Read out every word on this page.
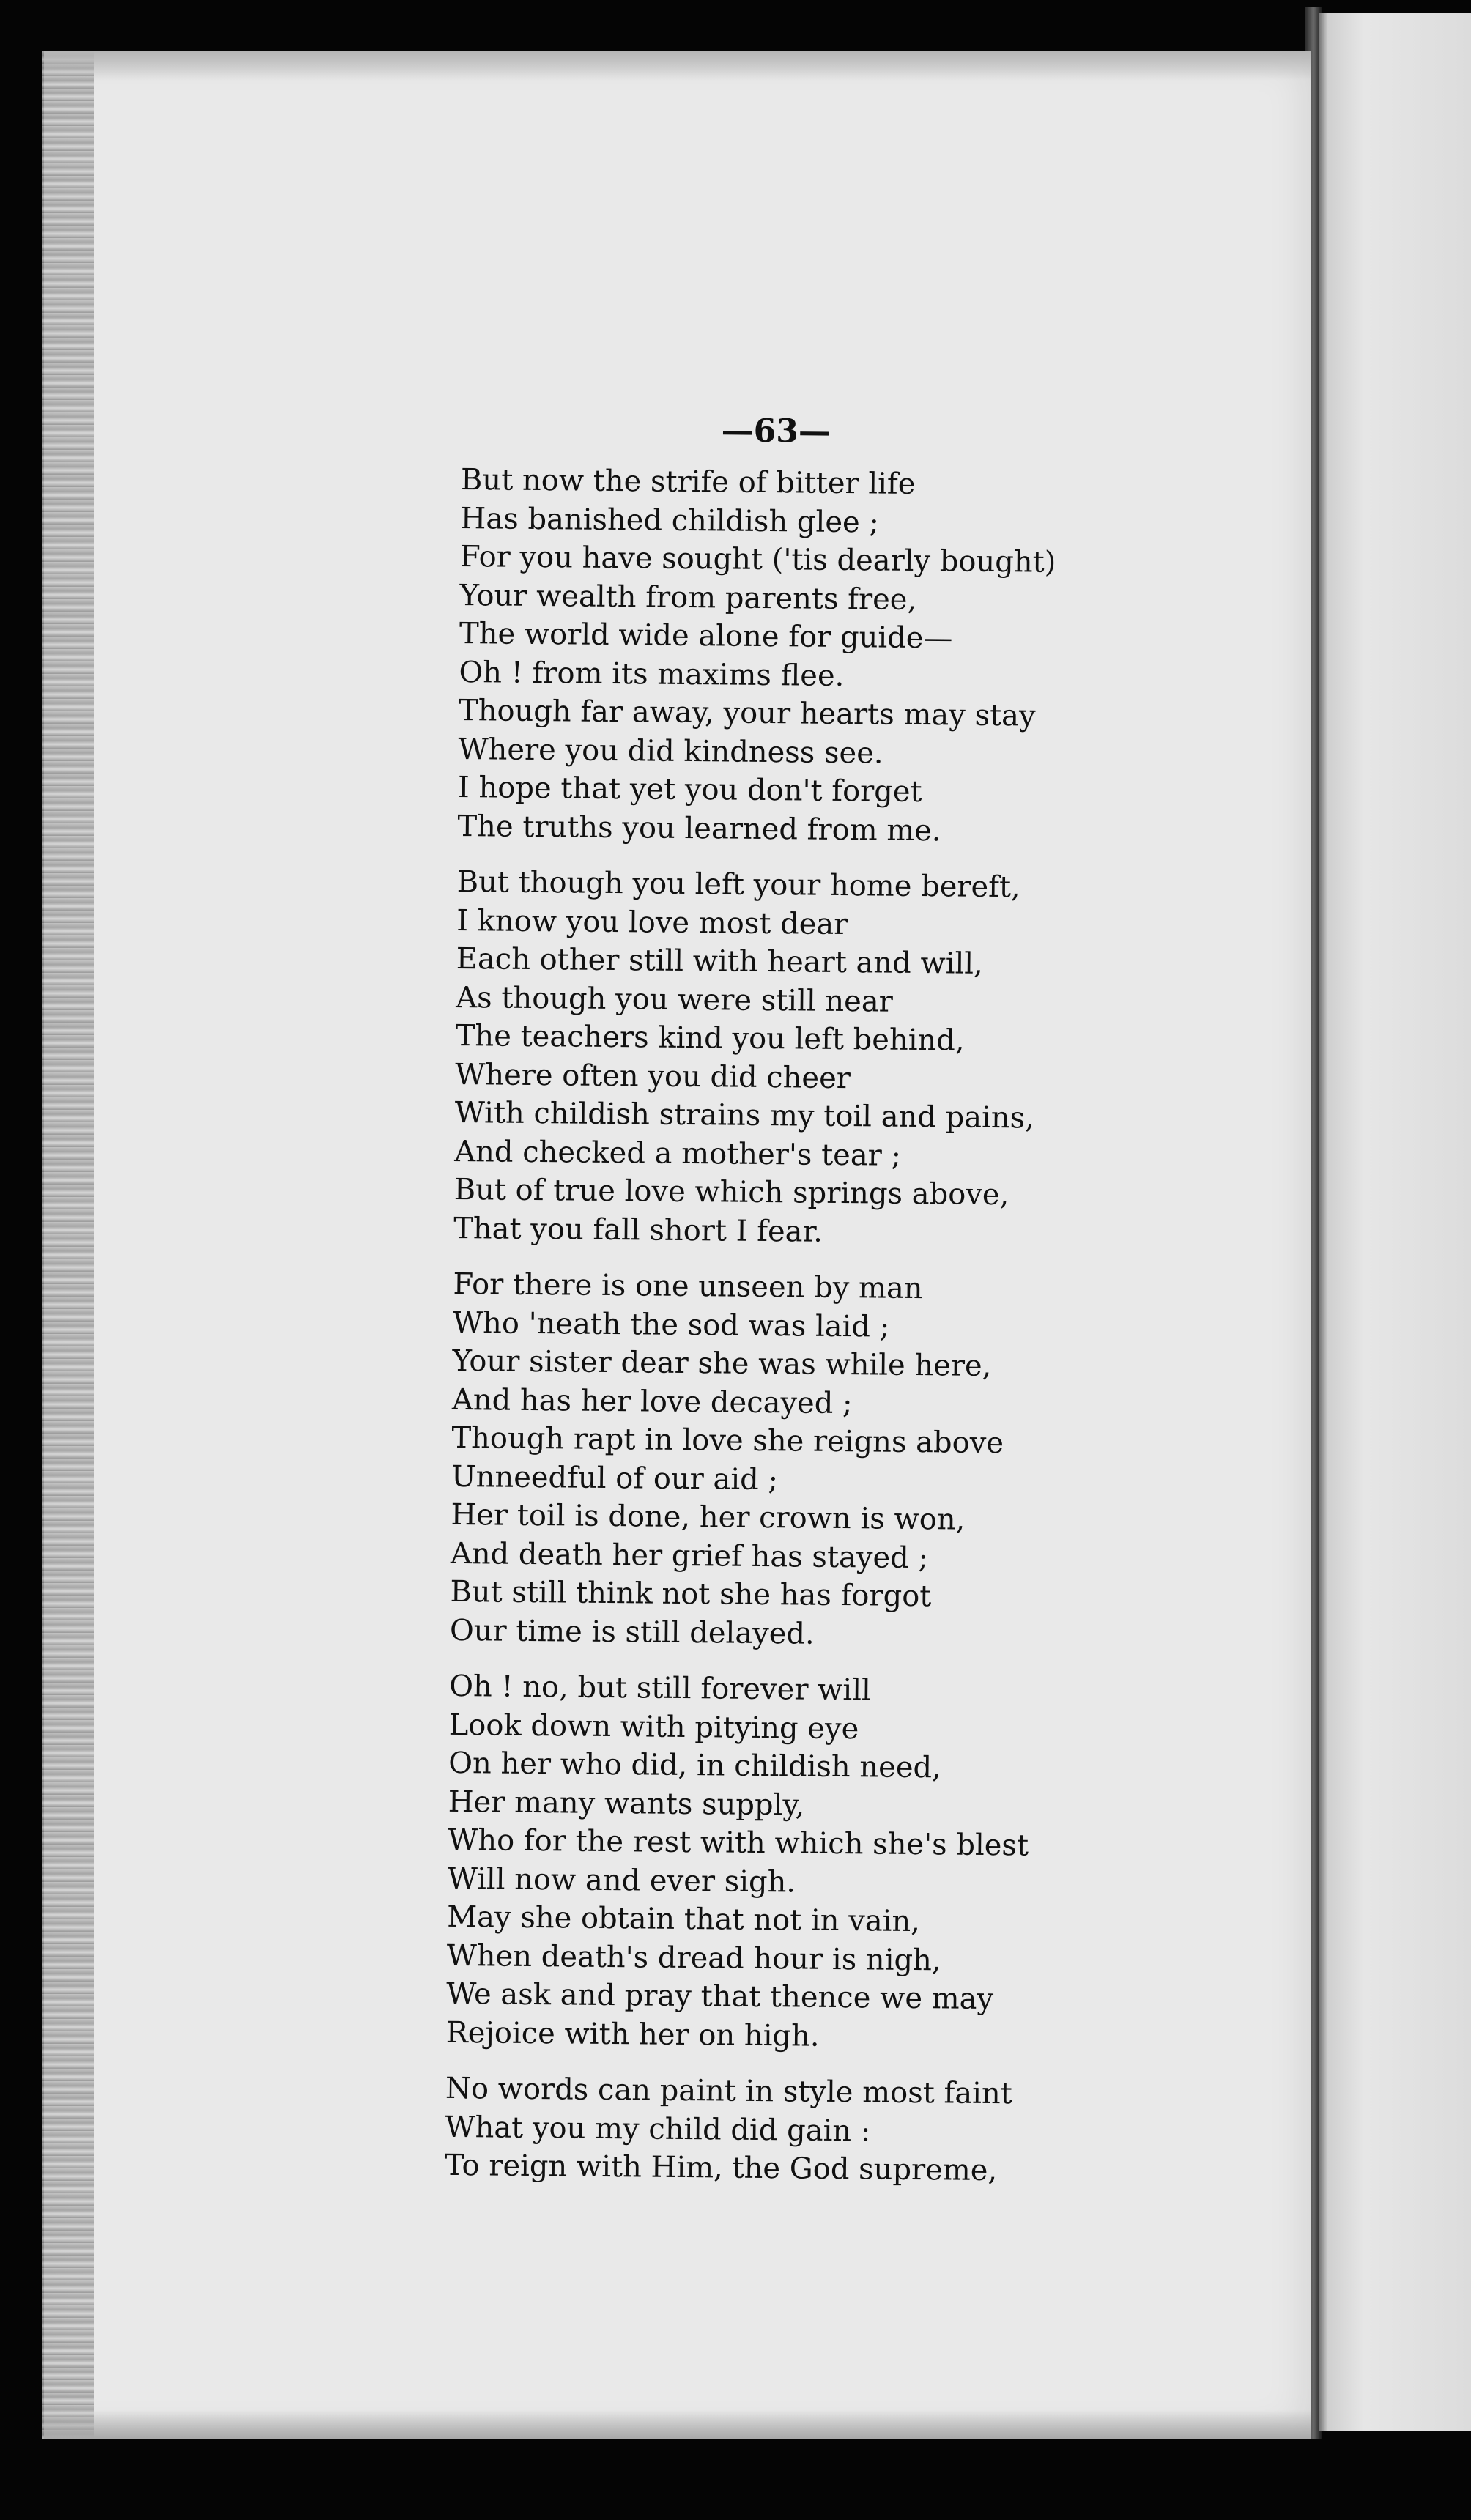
—63—
But now the strife of bitter life
Has banished childish glee ;
For you have sought ('tis dearly bought)
Your wealth from parents free,
The world wide alone for guide—
Oh ! from its maxims flee.
Though far away, your hearts may stay
Where you did kindness see.
I hope that yet you don't forget
The truths you learned from me.
But though you left your home bereft,
I know you love most dear
Each other still with heart and will,
As though you were still near
The teachers kind you left behind,
Where often you did cheer
With childish strains my toil and pains,
And checked a mother's tear ;
But of true love which springs above,
That you fall short I fear.
For there is one unseen by man
Who 'neath the sod was laid ;
Your sister dear she was while here,
And has her love decayed ;
Though rapt in love she reigns above
Unneedful of our aid ;
Her toil is done, her crown is won,
And death her grief has stayed ;
But still think not she has forgot
Our time is still delayed.
Oh ! no, but still forever will
Look down with pitying eye
On her who did, in childish need,
Her many wants supply,
Who for the rest with which she's blest
Will now and ever sigh.
May she obtain that not in vain,
When death's dread hour is nigh,
We ask and pray that thence we may
Rejoice with her on high.
No words can paint in style most faint
What you my child did gain :
To reign with Him, the God supreme,
